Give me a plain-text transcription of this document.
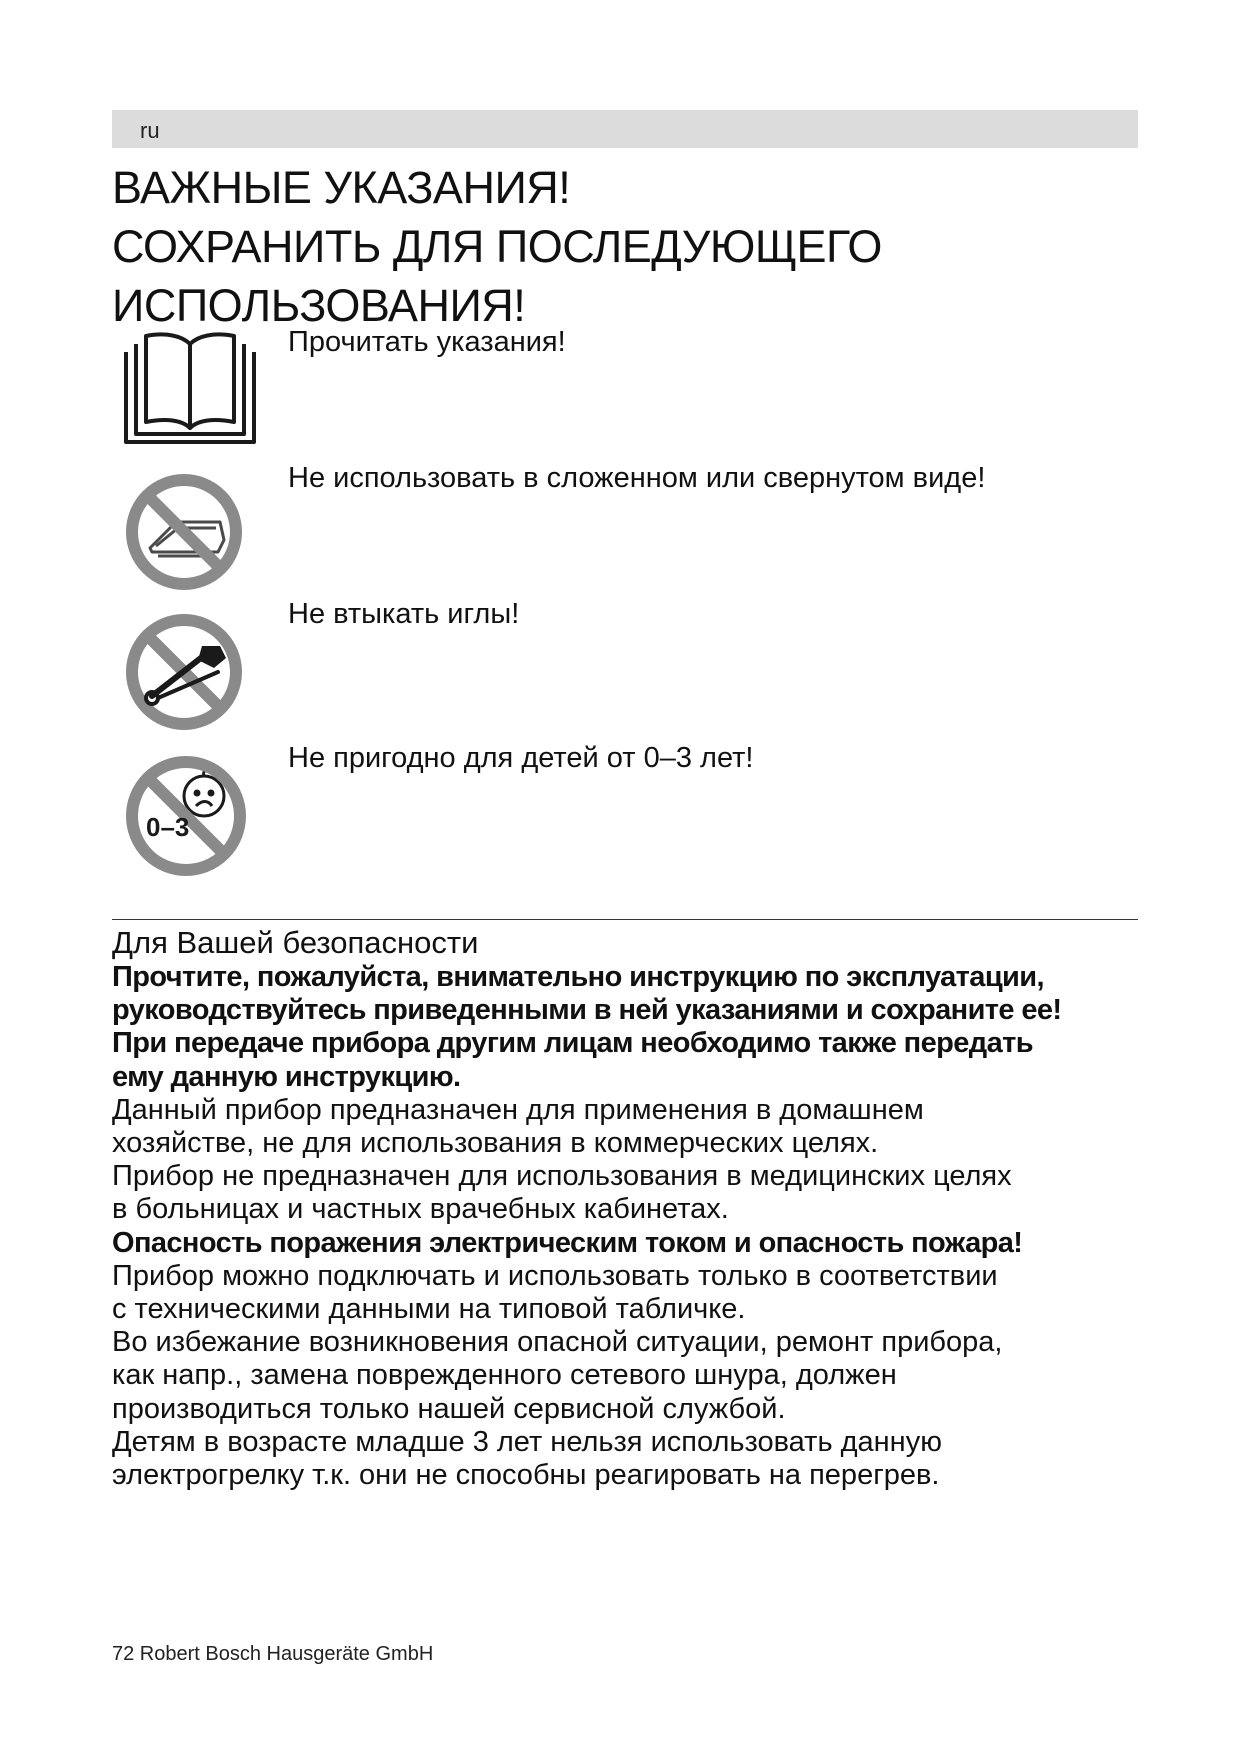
ru
ВАЖНЫЕ УКАЗАНИЯ!
СОХРАНИТЬ ДЛЯ ПОСЛЕДУЮЩЕГО
ИСПОЛЬЗОВАНИЯ!
Прочитать указания!
Не использовать в сложенном или свернутом виде!
Не втыкать иглы!
0–3
Не пригодно для детей от 0–3 лет!
Для Вашей безопасности
Прочтите, пожалуйста, внимательно инструкцию по эксплуатации,
руководствуйтесь приведенными в ней указаниями и сохраните ее!
При передаче прибора другим лицам необходимо также передать
ему данную инструкцию.
Данный прибор предназначен для применения в домашнем
хозяйстве, не для использования в коммерческих целях.
Прибор не предназначен для использования в медицинских целях
в больницах и частных врачебных кабинетах.
Опасность поражения электрическим током и опасность пожара!
Прибор можно подключать и использовать только в соответствии
с техническими данными на типовой табличке.
Во избежание возникновения опасной ситуации, ремонт прибора,
как напр., замена поврежденного сетевого шнура, должен
производиться только нашей сервисной службой.
Детям в возрасте младше 3 лет нельзя использовать данную
электрогрелку т.к. они не способны реагировать на перегрев.
72 Robert Bosch Hausgeräte GmbH
